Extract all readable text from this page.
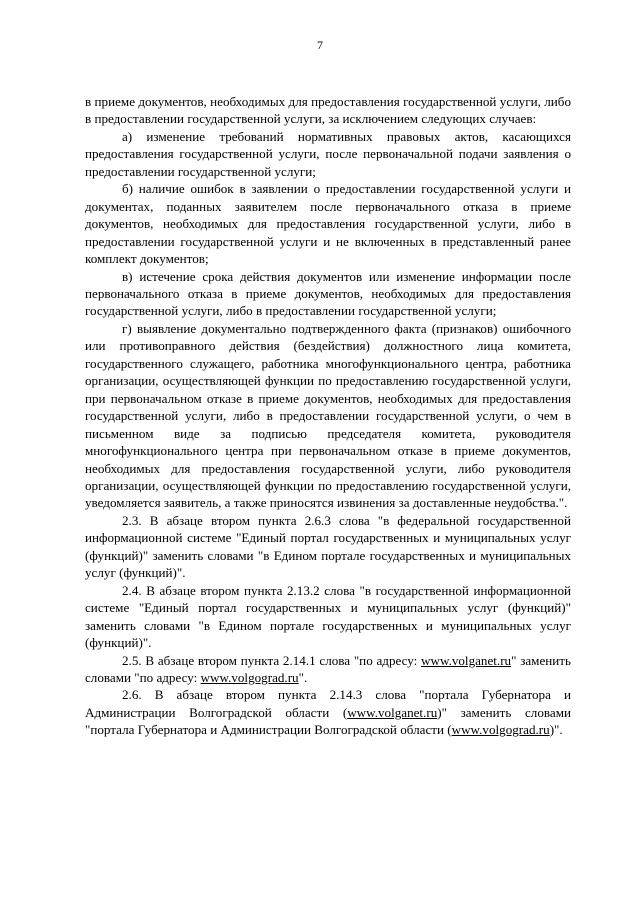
7

в приеме документов, необходимых для предоставления государственной услуги, либо в предоставлении государственной услуги, за исключением следующих случаев:

а) изменение требований нормативных правовых актов, касающихся предоставления государственной услуги, после первоначальной подачи заявления о предоставлении государственной услуги;

б) наличие ошибок в заявлении о предоставлении государственной услуги и документах, поданных заявителем после первоначального отказа в приеме документов, необходимых для предоставления государственной услуги, либо в предоставлении государственной услуги и не включенных в представленный ранее комплект документов;

в) истечение срока действия документов или изменение информации после первоначального отказа в приеме документов, необходимых для предоставления государственной услуги, либо в предоставлении государственной услуги;

г) выявление документально подтвержденного факта (признаков) ошибочного или противоправного действия (бездействия) должностного лица комитета, государственного служащего, работника многофункционального центра, работника организации, осуществляющей функции по предоставлению государственной услуги, при первоначальном отказе в приеме документов, необходимых для предоставления государственной услуги, либо в предоставлении государственной услуги, о чем в письменном виде за подписью председателя комитета, руководителя многофункционального центра при первоначальном отказе в приеме документов, необходимых для предоставления государственной услуги, либо руководителя организации, осуществляющей функции по предоставлению государственной услуги, уведомляется заявитель, а также приносятся извинения за доставленные неудобства.".

2.3. В абзаце втором пункта 2.6.3 слова "в федеральной государственной информационной системе "Единый портал государственных и муниципальных услуг (функций)" заменить словами "в Едином портале государственных и муниципальных услуг (функций)".

2.4. В абзаце втором пункта 2.13.2 слова "в государственной информационной системе "Единый портал государственных и муниципальных услуг (функций)" заменить словами "в Едином портале государственных и муниципальных услуг (функций)".

2.5. В абзаце втором пункта 2.14.1 слова "по адресу: www.volganet.ru" заменить словами "по адресу: www.volgograd.ru".

2.6. В абзаце втором пункта 2.14.3 слова "портала Губернатора и Администрации Волгоградской области (www.volganet.ru)" заменить словами "портала Губернатора и Администрации Волгоградской области (www.volgograd.ru)".
